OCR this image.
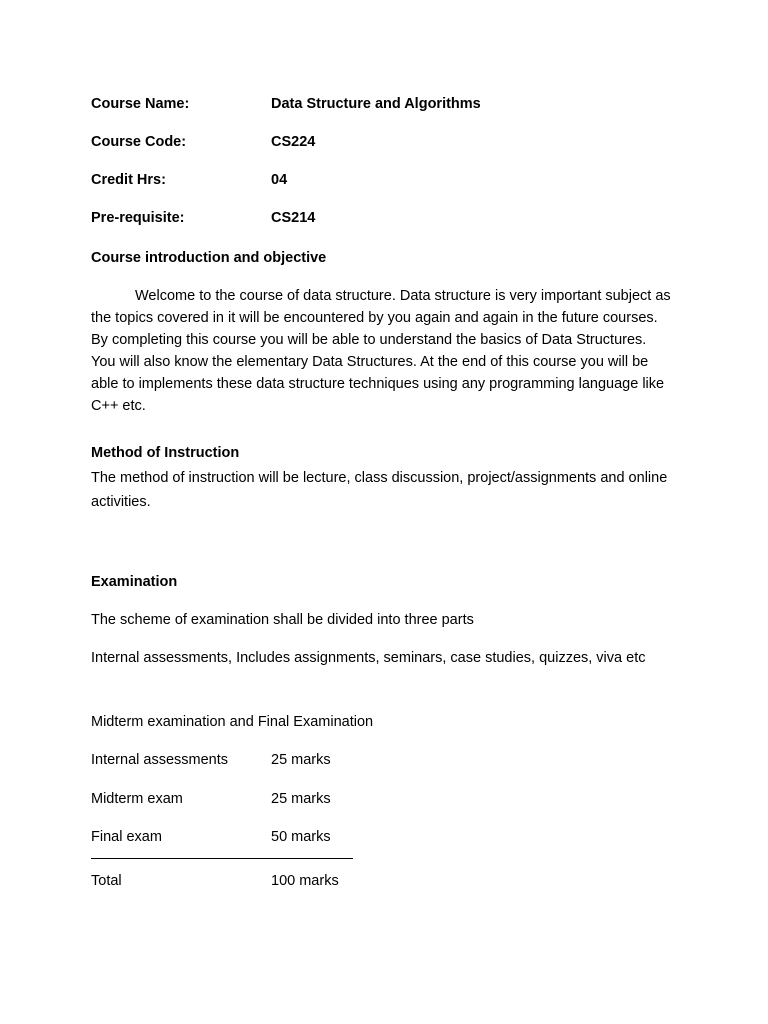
Course Name:	Data Structure and Algorithms
Course Code:	CS224
Credit Hrs:	04
Pre-requisite:	CS214
Course introduction and objective
Welcome to the course of data structure. Data structure is very important subject as the topics covered in it will be encountered by you again and again in the future courses. By completing this course you will be able to understand the basics of Data Structures. You will also know the elementary Data Structures. At the end of this course you will be able to implements these data structure techniques using any programming language like C++ etc.
Method of Instruction
The method of instruction will be lecture, class discussion, project/assignments and online activities.
Examination
The scheme of examination shall be divided into three parts
Internal assessments, Includes assignments, seminars, case studies, quizzes, viva etc
Midterm examination and Final Examination
Internal assessments	25 marks
Midterm exam	25 marks
Final exam	50 marks
Total	100 marks
